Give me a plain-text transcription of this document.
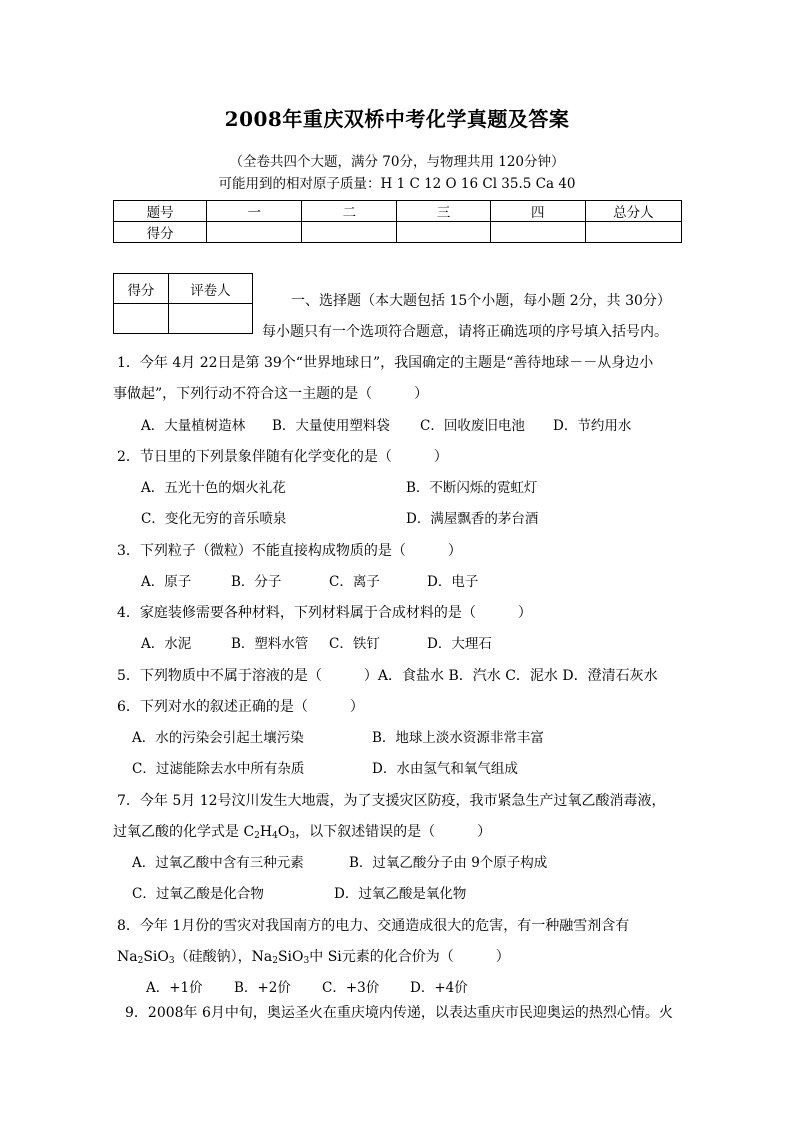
2008年重庆双桥中考化学真题及答案
（全卷共四个大题，满分 70分，与物理共用 120分钟）
可能用到的相对原子质量：H 1 C 12 O 16 Cl 35.5 Ca 40
题号	一	二	三	四	总分人
得分					
得分	评卷人

一、选择题（本大题包括 15个小题，每小题 2分，共 30分）
每小题只有一个选项符合题意，请将正确选项的序号填入括号内。
1．今年 4月 22日是第 39个“世界地球日”，我国确定的主题是“善待地球－－从身边小
事做起”，下列行动不符合这一主题的是（　　　）
A．大量植树造林 B．大量使用塑料袋 C．回收废旧电池 D．节约用水
2．节日里的下列景象伴随有化学变化的是（　　　）
A．五光十色的烟火礼花	B．不断闪烁的霓虹灯
C．变化无穷的音乐喷泉	D．满屋飘香的茅台酒
3．下列粒子（微粒）不能直接构成物质的是（　　　）
A．原子	B．分子	C．离子	D．电子
4．家庭装修需要各种材料，下列材料属于合成材料的是（　　　）
A．水泥	B．塑料水管 C．铁钉	D．大理石
5．下列物质中不属于溶液的是（　　　）A．食盐水 B．汽水 C．泥水 D．澄清石灰水
6．下列对水的叙述正确的是（　　　）
A．水的污染会引起土壤污染	B．地球上淡水资源非常丰富
C．过滤能除去水中所有杂质	D．水由氢气和氧气组成
7．今年 5月 12号汶川发生大地震，为了支援灾区防疫，我市紧急生产过氧乙酸消毒液，
过氧乙酸的化学式是 $C_2H_4O_3$，以下叙述错误的是（　　　）
A．过氧乙酸中含有三种元素	B．过氧乙酸分子由 9个原子构成
C．过氧乙酸是化合物	D．过氧乙酸是氧化物
8．今年 1月份的雪灾对我国南方的电力、交通造成很大的危害，有一种融雪剂含有
$Na_2SiO_3$（硅酸钠），$Na_2SiO_3$中 Si元素的化合价为（　　　）
A．+1价 B．+2价 C．+3价 D．+4价
9．2008年 6月中旬，奥运圣火在重庆境内传递，以表达重庆市民迎奥运的热烈心情。火
